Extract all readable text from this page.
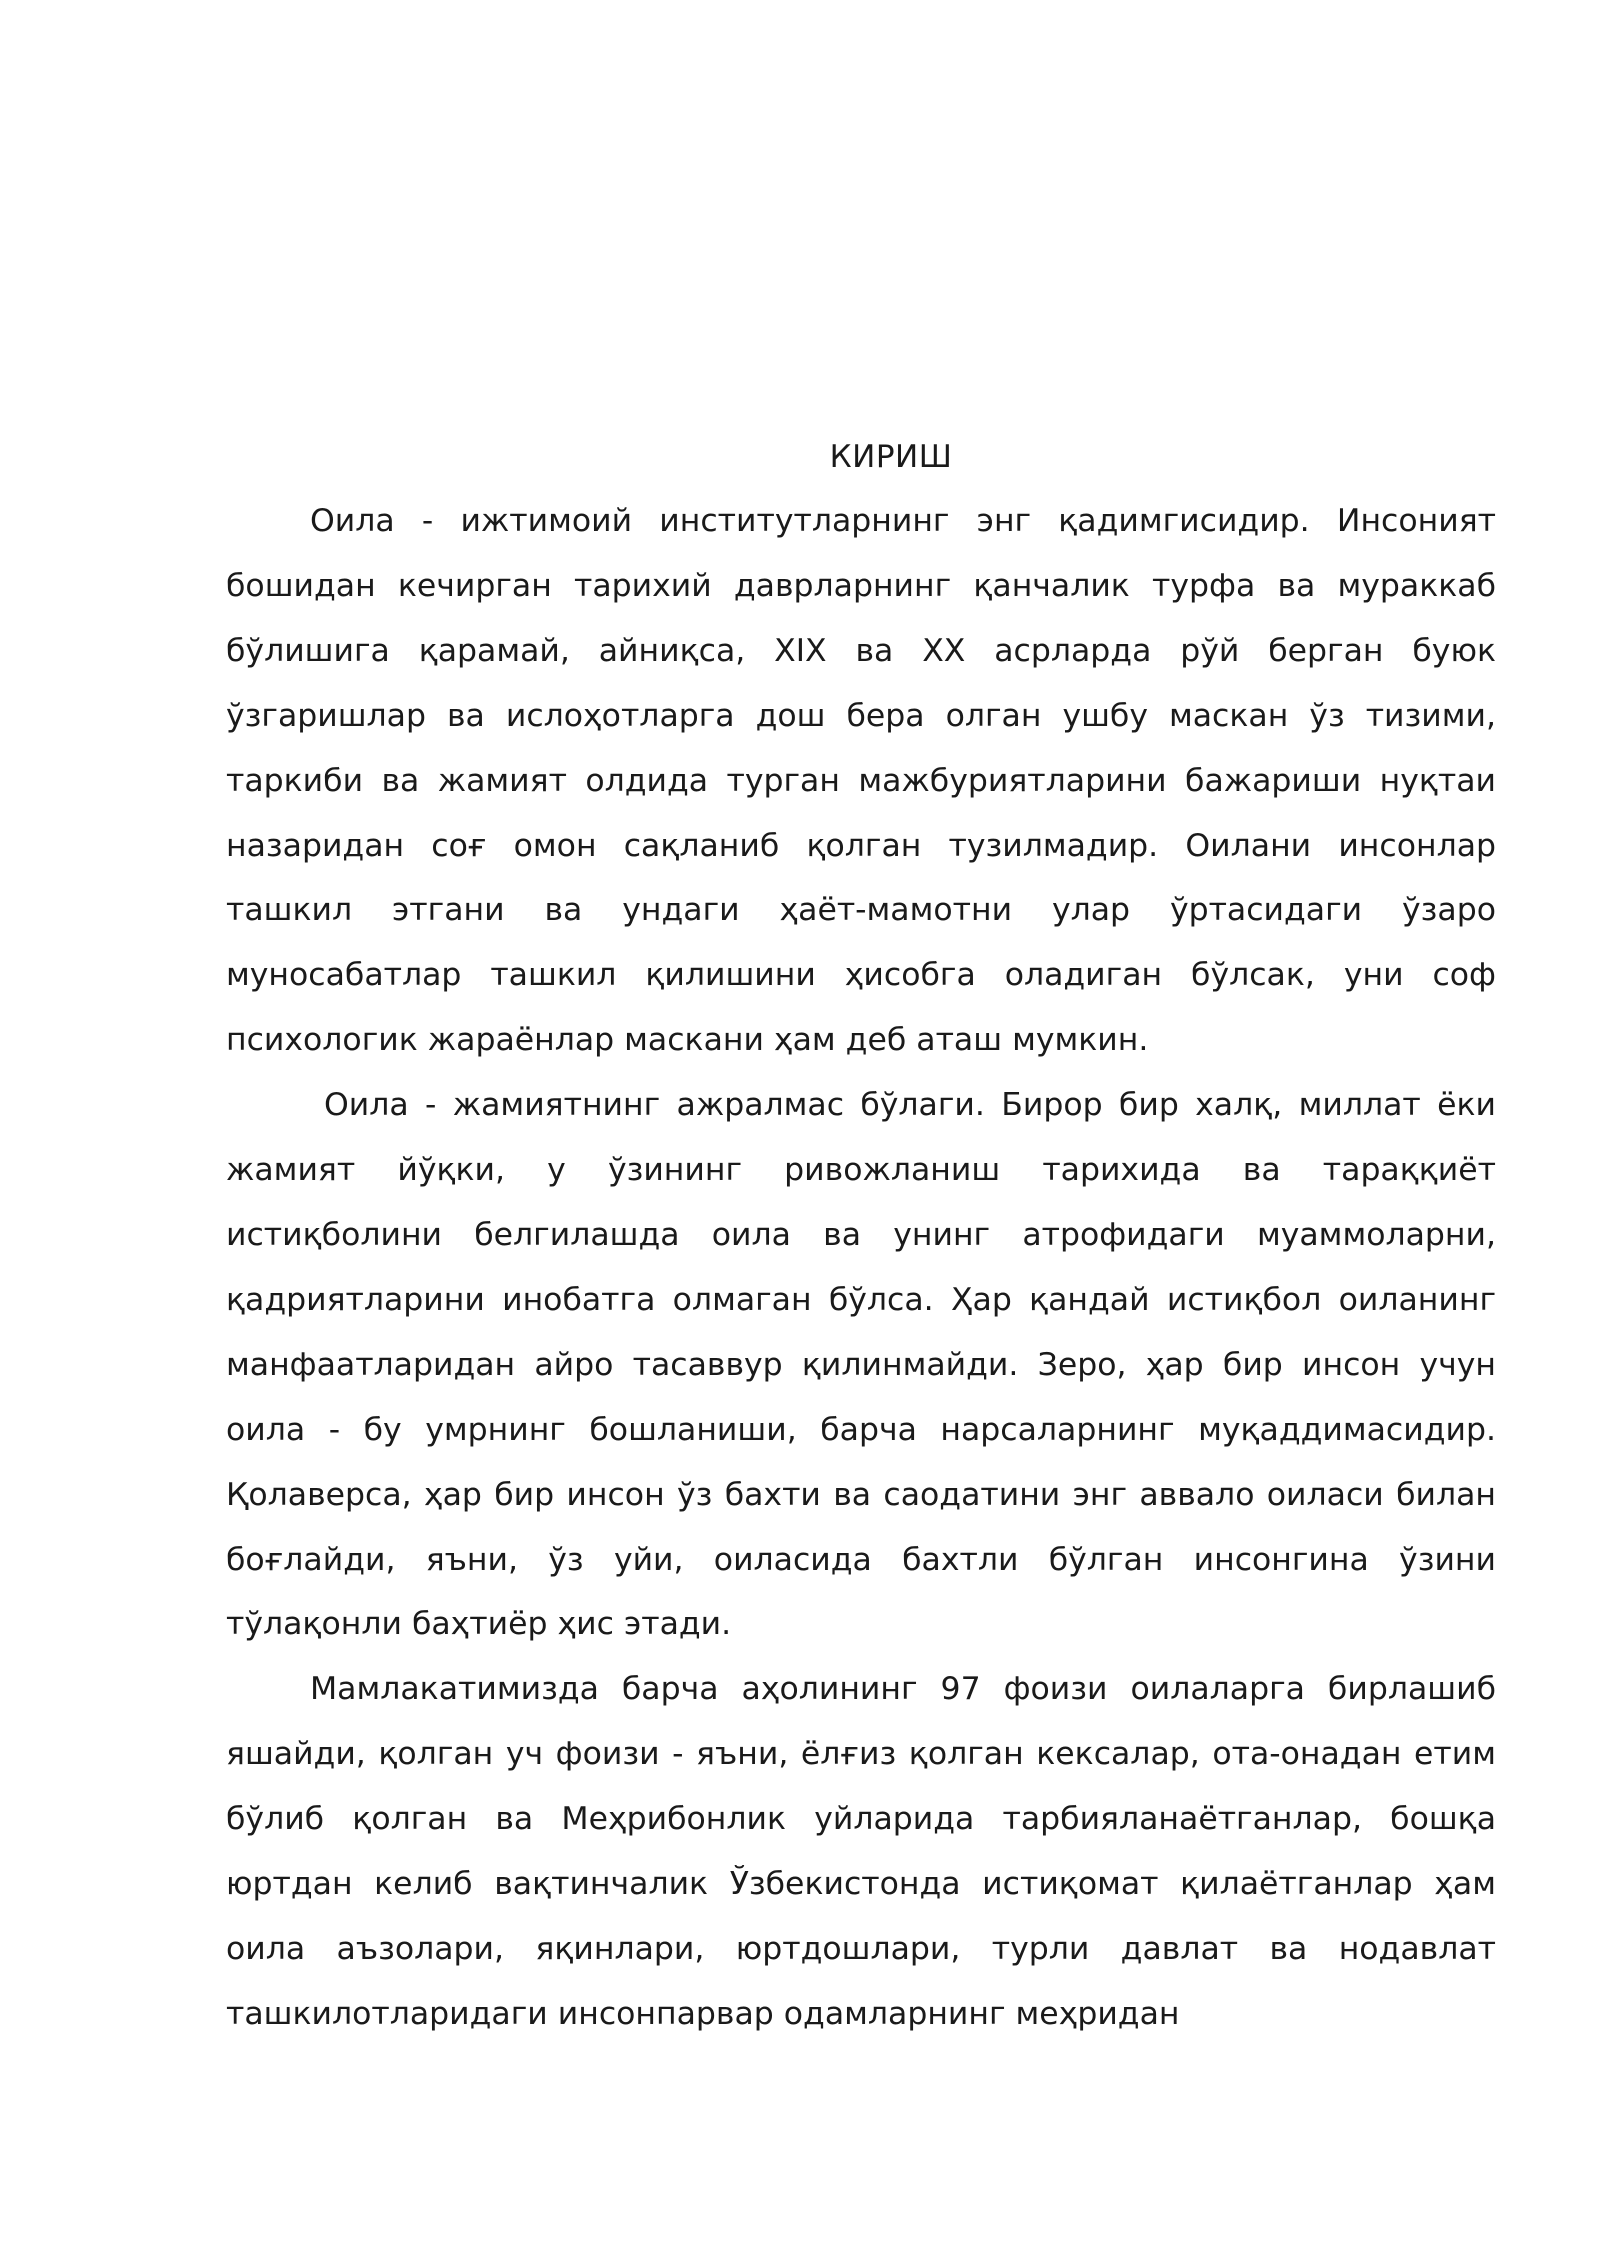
КИРИШ

Оила - ижтимоий институтларнинг энг қадимгисидир. Инсоният бошидан кечирган тарихий даврларнинг қанчалик турфа ва мураккаб бўлишига қарамай, айниқса, XIX ва XX асрларда рўй берган буюк ўзгаришлар ва ислоҳотларга дош бера олган ушбу маскан ўз тизими, таркиби ва жамият олдида турган мажбуриятларини бажариши нуқтаи назаридан соғ омон сақланиб қолган тузилмадир. Оилани инсонлар ташкил этгани ва ундаги ҳаёт-мамотни улар ўртасидаги ўзаро муносабатлар ташкил қилишини ҳисобга оладиган бўлсак, уни соф психологик жараёнлар маскани ҳам деб аташ мумкин.

Оила - жамиятнинг ажралмас бўлаги. Бирор бир халқ, миллат ёки жамият йўқки, у ўзининг ривожланиш тарихида ва тараққиёт истиқболини белгилашда оила ва унинг атрофидаги муаммоларни, қадриятларини инобатга олмаган бўлса. Ҳар қандай истиқбол оиланинг манфаатларидан айро тасаввур қилинмайди. Зеро, ҳар бир инсон учун оила - бу умрнинг бошланиши, барча нарсаларнинг муқаддимасидир. Қолаверса, ҳар бир инсон ўз бахти ва саодатини энг аввало оиласи билан боғлайди, яъни, ўз уйи, оиласида бахтли бўлган инсонгина ўзини тўлақонли баҳтиёр ҳис этади.

Мамлакатимизда барча аҳолининг 97 фоизи оилаларга бирлашиб яшайди, қолган уч фоизи - яъни, ёлғиз қолган кексалар, ота-онадан етим бўлиб қолган ва Меҳрибонлик уйларида тарбияланаётганлар, бошқа юртдан келиб вақтинчалик Ўзбекистонда истиқомат қилаётганлар ҳам оила аъзолари, яқинлари, юртдошлари, турли давлат ва нодавлат ташкилотларидаги инсонпарвар одамларнинг меҳридан
